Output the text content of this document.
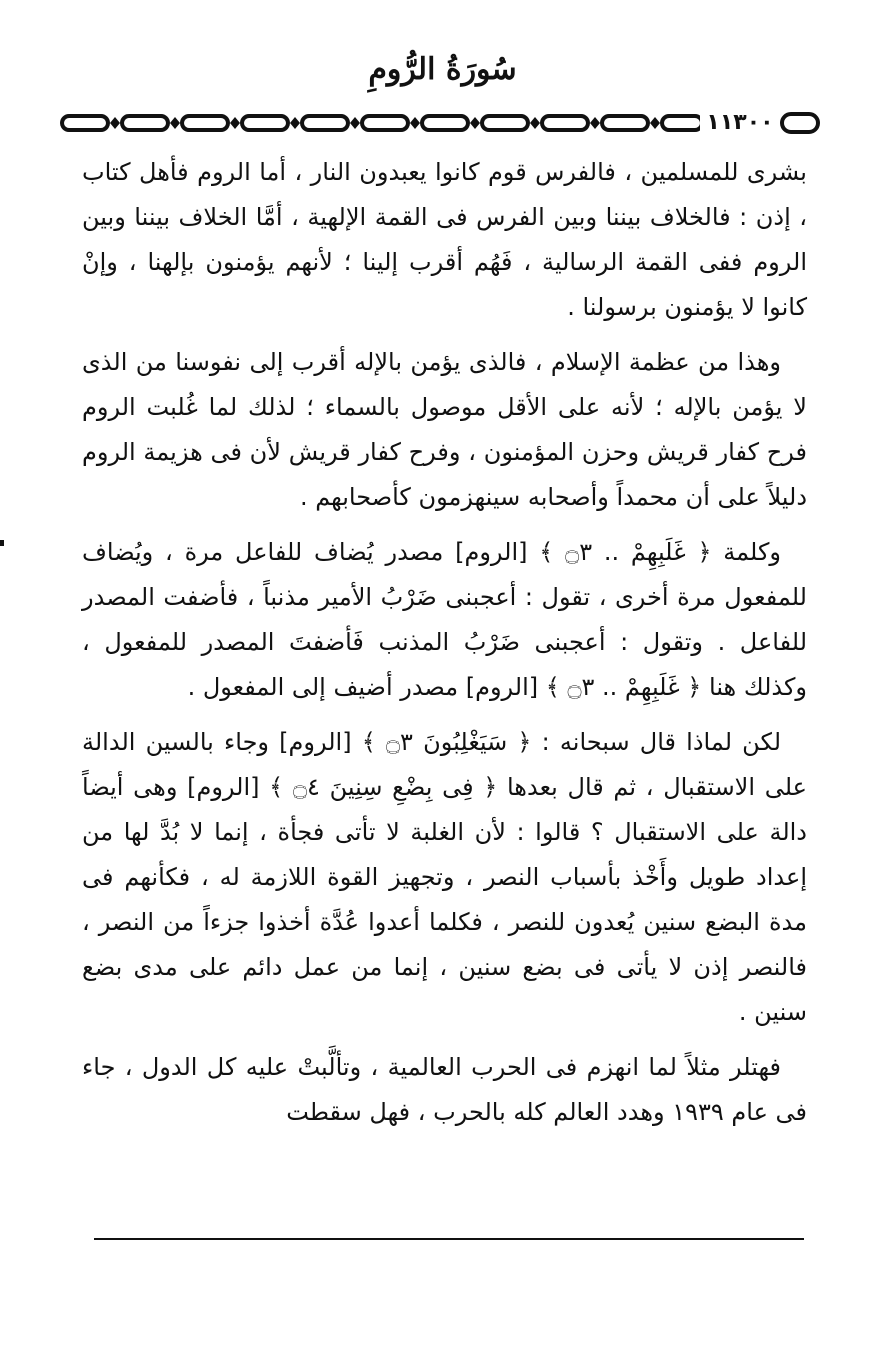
سُورَةُ الرُّومِ
١١٣٠٠

بشرى للمسلمين ، فالفرس قوم كانوا يعبدون النار ، أما الروم فأهل كتاب ، إذن : فالخلاف بيننا وبين الفرس فى القمة الإلهية ، أمَّا الخلاف بيننا وبين الروم ففى القمة الرسالية ، فَهُم أقرب إلينا ؛ لأنهم يؤمنون بإلهنا ، وإنْ كانوا لا يؤمنون برسولنا .

وهذا من عظمة الإسلام ، فالذى يؤمن بالإله أقرب إلى نفوسنا من الذى لا يؤمن بالإله ؛ لأنه على الأقل موصول بالسماء ؛ لذلك لما غُلبت الروم فرح كفار قريش وحزن المؤمنون ، وفرح كفار قريش لأن فى هزيمة الروم دليلاً على أن محمداً وأصحابه سينهزمون كأصحابهم .

وكلمة ﴿ غَلَبِهِمْ .. ۝٣ ﴾ [الروم] مصدر يُضاف للفاعل مرة ، ويُضاف للمفعول مرة أخرى ، تقول : أعجبنى ضَرْبُ الأمير مذنباً ، فأضفت المصدر للفاعل . وتقول : أعجبنى ضَرْبُ المذنب فَأضفتَ المصدر للمفعول ، وكذلك هنا ﴿ غَلَبِهِمْ .. ۝٣ ﴾ [الروم] مصدر أضيف إلى المفعول .

لكن لماذا قال سبحانه : ﴿ سَيَغْلِبُونَ ۝٣ ﴾ [الروم] وجاء بالسين الدالة على الاستقبال ، ثم قال بعدها ﴿ فِى بِضْعِ سِنِينَ ۝٤ ﴾ [الروم] وهى أيضاً دالة على الاستقبال ؟ قالوا : لأن الغلبة لا تأتى فجأة ، إنما لا بُدَّ لها من إعداد طويل وأَخْذ بأسباب النصر ، وتجهيز القوة اللازمة له ، فكأنهم فى مدة البضع سنين يُعدون للنصر ، فكلما أعدوا عُدَّة أخذوا جزءاً من النصر ، فالنصر إذن لا يأتى فى بضع سنين ، إنما من عمل دائم على مدى بضع سنين .

فهتلر مثلاً لما انهزم فى الحرب العالمية ، وتألَّبتْ عليه كل الدول ، جاء فى عام ١٩٣٩ وهدد العالم كله بالحرب ، فهل سقطت
